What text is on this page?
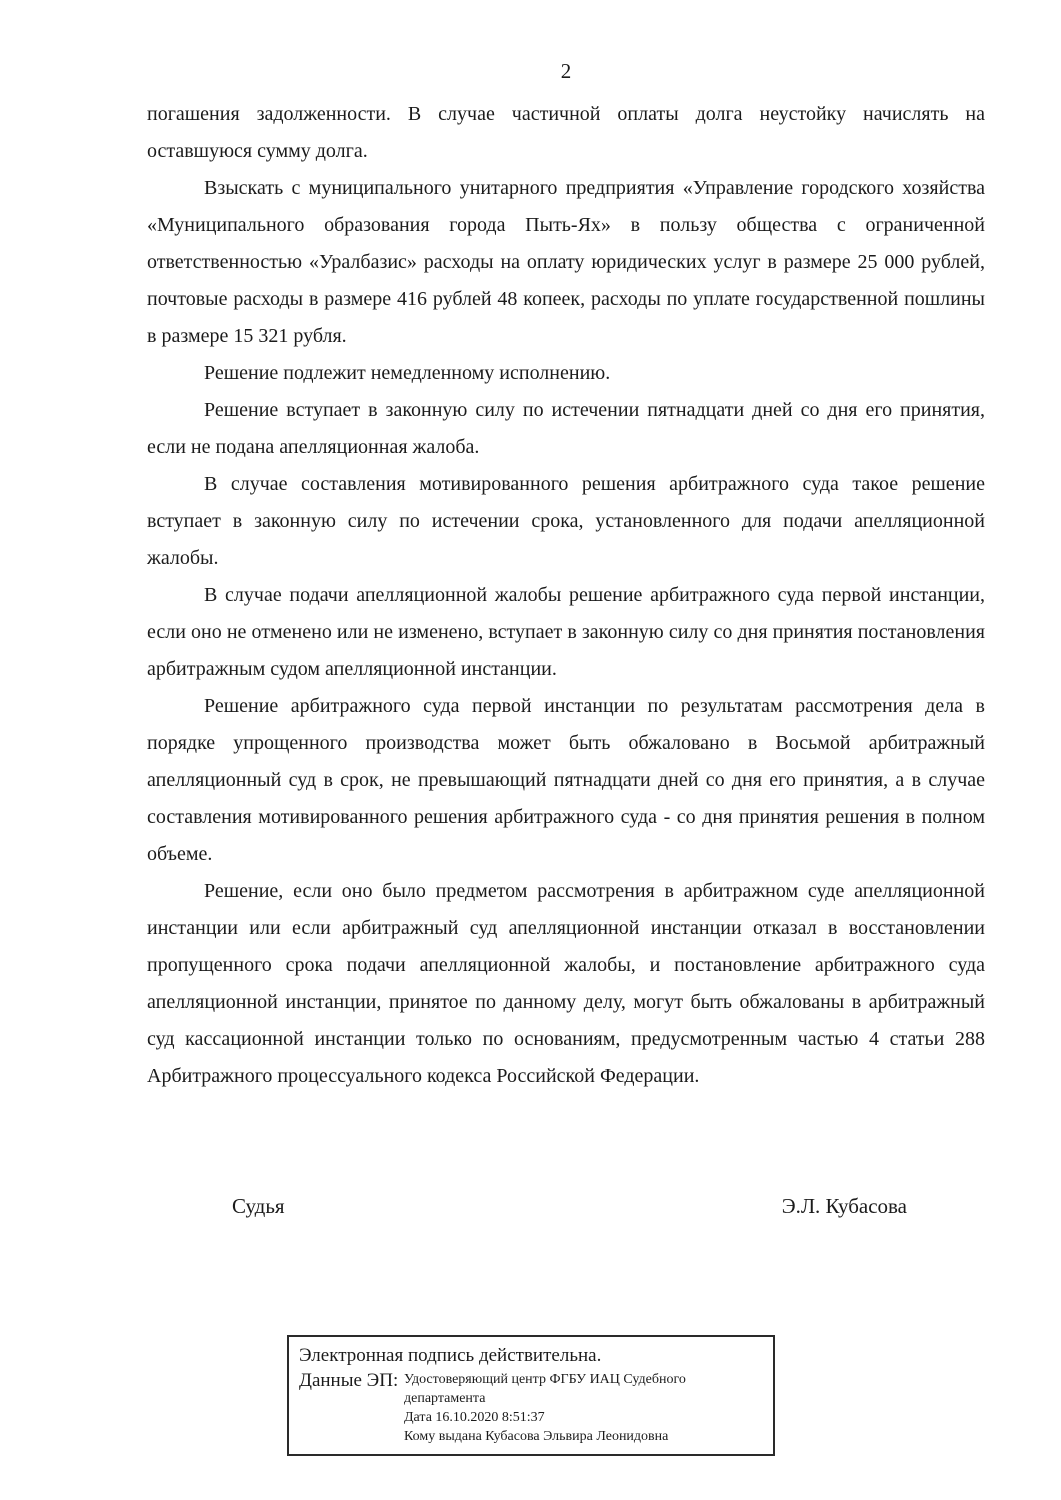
2

погашения задолженности. В случае частичной оплаты долга неустойку начислять на оставшуюся сумму долга.

Взыскать с муниципального унитарного предприятия «Управление городского хозяйства «Муниципального образования города Пыть-Ях» в пользу общества с ограниченной ответственностью «Уралбазис» расходы на оплату юридических услуг в размере 25 000 рублей, почтовые расходы в размере 416 рублей 48 копеек, расходы по уплате государственной пошлины в размере 15 321 рубля.

Решение подлежит немедленному исполнению.

Решение вступает в законную силу по истечении пятнадцати дней со дня его принятия, если не подана апелляционная жалоба.

В случае составления мотивированного решения арбитражного суда такое решение вступает в законную силу по истечении срока, установленного для подачи апелляционной жалобы.

В случае подачи апелляционной жалобы решение арбитражного суда первой инстанции, если оно не отменено или не изменено, вступает в законную силу со дня принятия постановления арбитражным судом апелляционной инстанции.

Решение арбитражного суда первой инстанции по результатам рассмотрения дела в порядке упрощенного производства может быть обжаловано в Восьмой арбитражный апелляционный суд в срок, не превышающий пятнадцати дней со дня его принятия, а в случае составления мотивированного решения арбитражного суда - со дня принятия решения в полном объеме.

Решение, если оно было предметом рассмотрения в арбитражном суде апелляционной инстанции или если арбитражный суд апелляционной инстанции отказал в восстановлении пропущенного срока подачи апелляционной жалобы, и постановление арбитражного суда апелляционной инстанции, принятое по данному делу, могут быть обжалованы в арбитражный суд кассационной инстанции только по основаниям, предусмотренным частью 4 статьи 288 Арбитражного процессуального кодекса Российской Федерации.

Судья	Э.Л. Кубасова
Электронная подпись действительна.
Данные ЭП: Удостоверяющий центр ФГБУ ИАЦ Судебного департамента
Дата 16.10.2020 8:51:37
Кому выдана Кубасова Эльвира Леонидовна
